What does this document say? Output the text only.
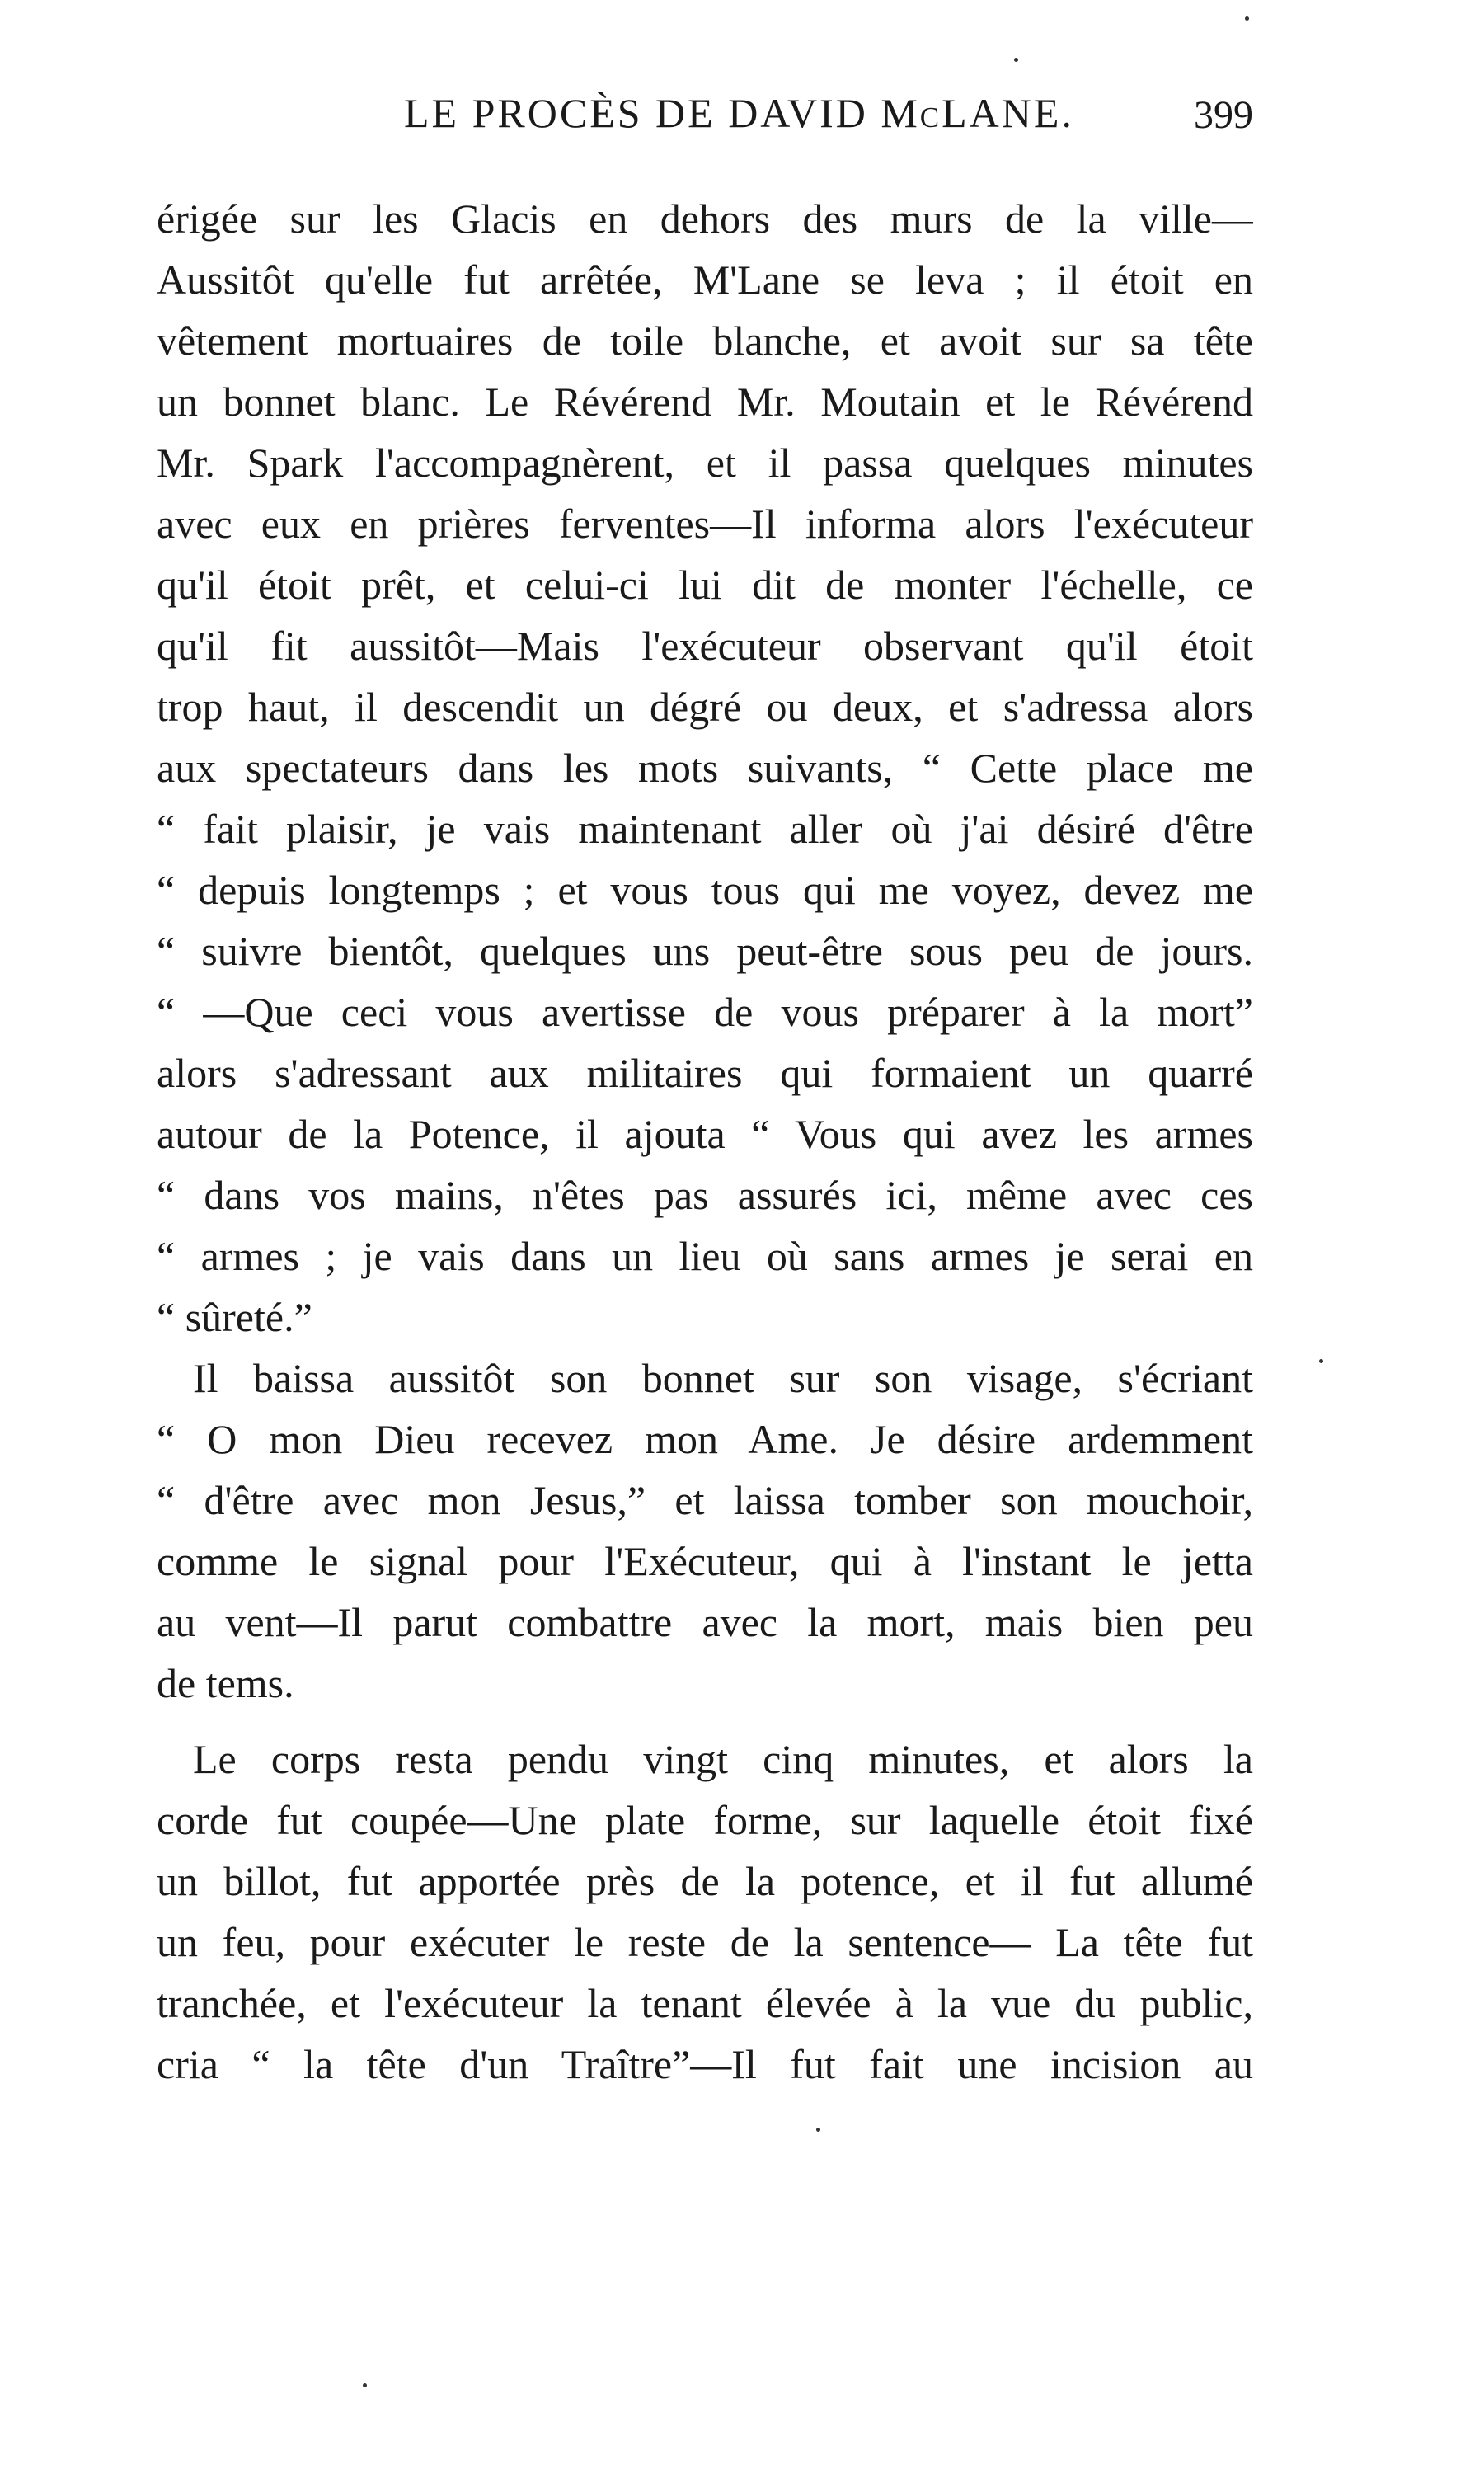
LE PROCÈS DE DAVID McLANE.	399
érigée sur les Glacis en dehors des murs de la ville—
Aussitôt qu'elle fut arrêtée, M'Lane se leva ; il étoit en
vêtement mortuaires de toile blanche, et avoit sur sa tête
un bonnet blanc. Le Révérend Mr. Moutain et le Révérend
Mr. Spark l'accompagnèrent, et il passa quelques minutes
avec eux en prières ferventes—Il informa alors l'exécuteur
qu'il étoit prêt, et celui-ci lui dit de monter l'échelle, ce
qu'il fit aussitôt—Mais l'exécuteur observant qu'il étoit
trop haut, il descendit un dégré ou deux, et s'adressa alors
aux spectateurs dans les mots suivants, “ Cette place me
“ fait plaisir, je vais maintenant aller où j'ai désiré d'être
“ depuis longtemps ; et vous tous qui me voyez, devez me
“ suivre bientôt, quelques uns peut-être sous peu de jours.
“ —Que ceci vous avertisse de vous préparer à la mort”
alors s'adressant aux militaires qui formaient un quarré
autour de la Potence, il ajouta “ Vous qui avez les armes
“ dans vos mains, n'êtes pas assurés ici, même avec ces
“ armes ; je vais dans un lieu où sans armes je serai en
“ sûreté.”
Il baissa aussitôt son bonnet sur son visage, s'écriant
“ O mon Dieu recevez mon Ame. Je désire ardemment
“ d'être avec mon Jesus,” et laissa tomber son mouchoir,
comme le signal pour l'Exécuteur, qui à l'instant le jetta
au vent—Il parut combattre avec la mort, mais bien peu
de tems.
Le corps resta pendu vingt cinq minutes, et alors la
corde fut coupée—Une plate forme, sur laquelle étoit fixé
un billot, fut apportée près de la potence, et il fut allumé
un feu, pour exécuter le reste de la sentence— La tête fut
tranchée, et l'exécuteur la tenant élevée à la vue du public,
cria “ la tête d'un Traître”—Il fut fait une incision au
